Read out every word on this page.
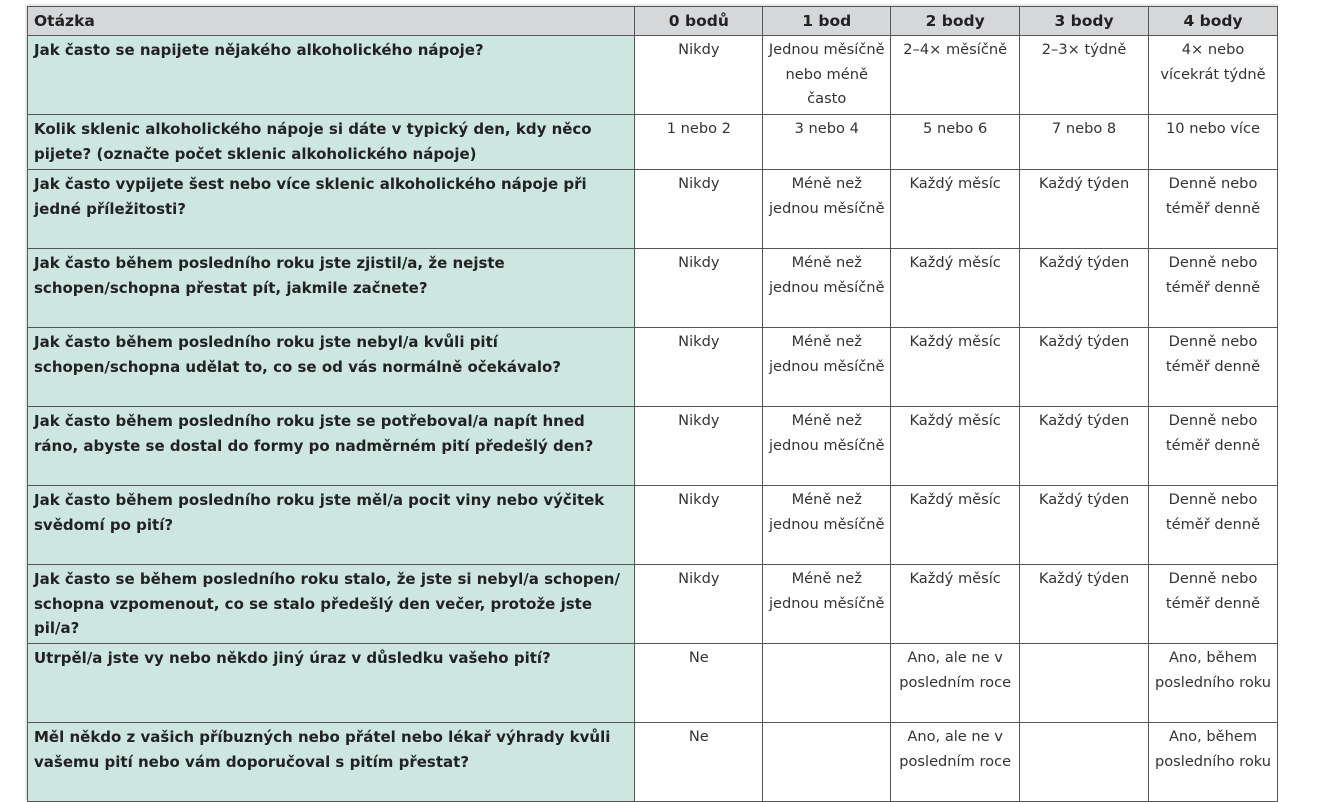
Otázka	0 bodů	1 bod	2 body	3 body	4 body
Jak často se napijete nějakého alkoholického nápoje?	Nikdy	Jednou měsíčně nebo méně často	2–4× měsíčně	2–3× týdně	4× nebo vícekrát týdně
Kolik sklenic alkoholického nápoje si dáte v typický den, kdy něco pijete? (označte počet sklenic alkoholického nápoje)	1 nebo 2	3 nebo 4	5 nebo 6	7 nebo 8	10 nebo více
Jak často vypijete šest nebo více sklenic alkoholického nápoje při jedné příležitosti?	Nikdy	Méně než jednou měsíčně	Každý měsíc	Každý týden	Denně nebo téměř denně
Jak často během posledního roku jste zjistil/a, že nejste schopen/schopna přestat pít, jakmile začnete?	Nikdy	Méně než jednou měsíčně	Každý měsíc	Každý týden	Denně nebo téměř denně
Jak často během posledního roku jste nebyl/a kvůli pití schopen/schopna udělat to, co se od vás normálně očekávalo?	Nikdy	Méně než jednou měsíčně	Každý měsíc	Každý týden	Denně nebo téměř denně
Jak často během posledního roku jste se potřeboval/a napít hned ráno, abyste se dostal do formy po nadměrném pití předešlý den?	Nikdy	Méně než jednou měsíčně	Každý měsíc	Každý týden	Denně nebo téměř denně
Jak často během posledního roku jste měl/a pocit viny nebo výčitek svědomí po pití?	Nikdy	Méně než jednou měsíčně	Každý měsíc	Každý týden	Denně nebo téměř denně
Jak často se během posledního roku stalo, že jste si nebyl/a schopen/ schopna vzpomenout, co se stalo předešlý den večer, protože jste pil/a?	Nikdy	Méně než jednou měsíčně	Každý měsíc	Každý týden	Denně nebo téměř denně
Utrpěl/a jste vy nebo někdo jiný úraz v důsledku vašeho pití?	Ne		Ano, ale ne v posledním roce		Ano, během posledního roku
Měl někdo z vašich příbuzných nebo přátel nebo lékař výhrady kvůli vašemu pití nebo vám doporučoval s pitím přestat?	Ne		Ano, ale ne v posledním roce		Ano, během posledního roku
